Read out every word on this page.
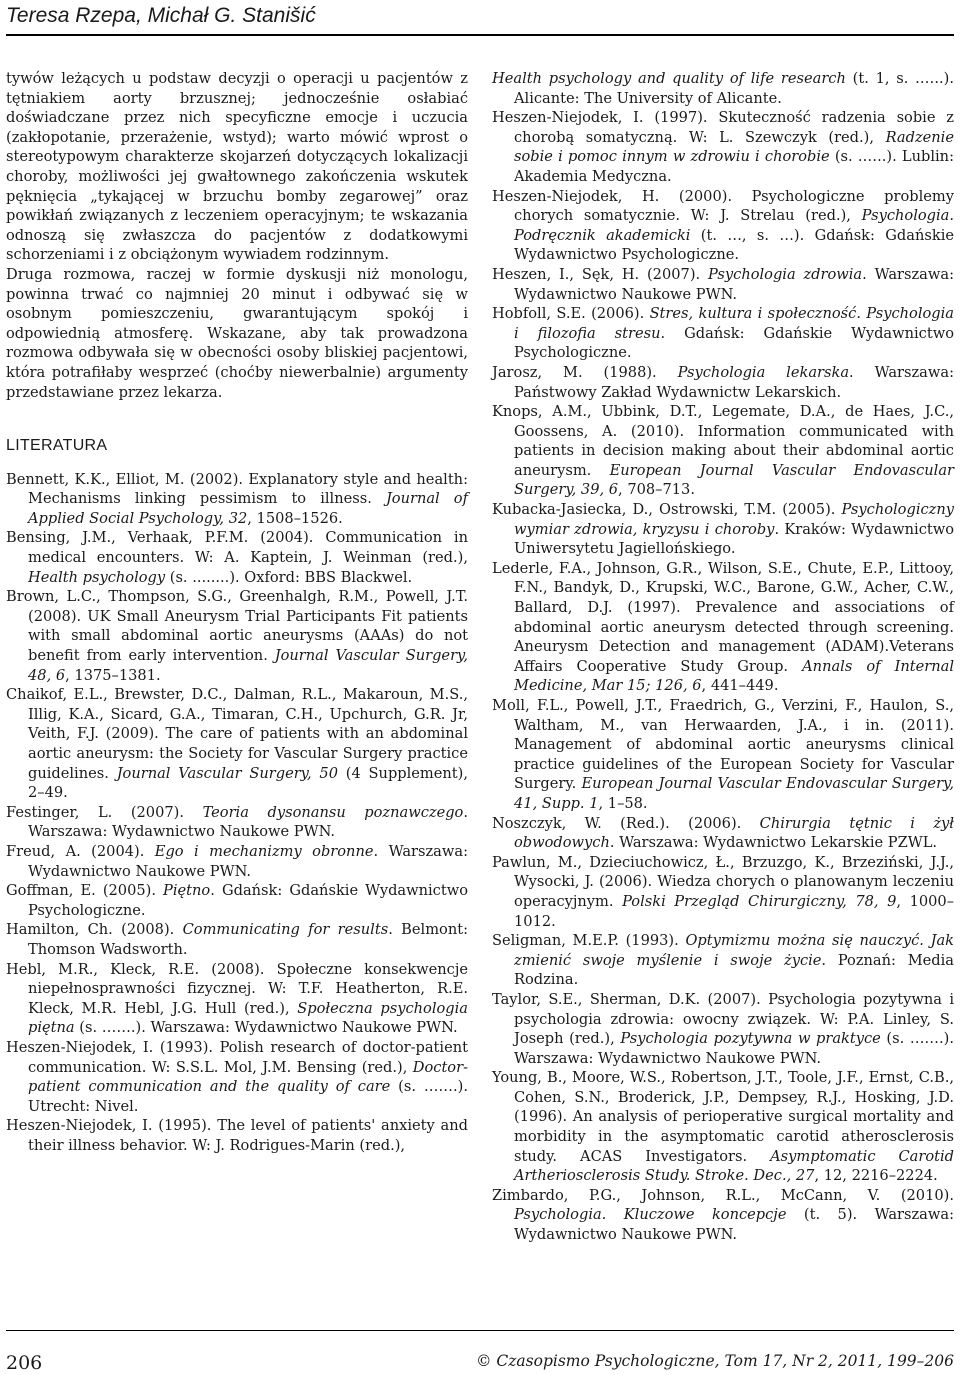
Teresa Rzepa, Michał G. Stanišić

tywów leżących u podstaw decyzji o operacji u pacjentów z tętniakiem aorty brzusznej; jednocześnie osłabiać doświadczane przez nich specyficzne emocje i uczucia (zakłopotanie, przerażenie, wstyd); warto mówić wprost o stereotypowym charakterze skojarzeń dotyczących lokalizacji choroby, możliwości jej gwałtownego zakończenia wskutek pęknięcia „tykającej w brzuchu bomby zegarowej” oraz powikłań związanych z leczeniem operacyjnym; te wskazania odnoszą się zwłaszcza do pacjentów z dodatkowymi schorzeniami i z obciążonym wywiadem rodzinnym.

Druga rozmowa, raczej w formie dyskusji niż monologu, powinna trwać co najmniej 20 minut i odbywać się w osobnym pomieszczeniu, gwarantującym spokój i odpowiednią atmosferę. Wskazane, aby tak prowadzona rozmowa odbywała się w obecności osoby bliskiej pacjentowi, która potrafiłaby wesprzeć (choćby niewerbalnie) argumenty przedstawiane przez lekarza.

LITERATURA
Bennett, K.K., Elliot, M. (2002). Explanatory style and health: Mechanisms linking pessimism to illness. Journal of Applied Social Psychology, 32, 1508–1526.
Bensing, J.M., Verhaak, P.F.M. (2004). Communication in medical encounters. W: A. Kaptein, J. Weinman (red.), Health psychology (s. ........). Oxford: BBS Blackwel.
Brown, L.C., Thompson, S.G., Greenhalgh, R.M., Powell, J.T. (2008). UK Small Aneurysm Trial Participants Fit patients with small abdominal aortic aneurysms (AAAs) do not benefit from early intervention. Journal Vascular Surgery, 48, 6, 1375–1381.
Chaikof, E.L., Brewster, D.C., Dalman, R.L., Makaroun, M.S., Illig, K.A., Sicard, G.A., Timaran, C.H., Upchurch, G.R. Jr, Veith, F.J. (2009). The care of patients with an abdominal aortic aneurysm: the Society for Vascular Surgery practice guidelines. Journal Vascular Surgery, 50 (4 Supplement), 2–49.
Festinger, L. (2007). Teoria dysonansu poznawczego. Warszawa: Wydawnictwo Naukowe PWN.
Freud, A. (2004). Ego i mechanizmy obronne. Warszawa: Wydawnictwo Naukowe PWN.
Goffman, E. (2005). Piętno. Gdańsk: Gdańskie Wydawnictwo Psychologiczne.
Hamilton, Ch. (2008). Communicating for results. Belmont: Thomson Wadsworth.
Hebl, M.R., Kleck, R.E. (2008). Społeczne konsekwencje niepełnosprawności fizycznej. W: T.F. Heatherton, R.E. Kleck, M.R. Hebl, J.G. Hull (red.), Społeczna psychologia piętna (s. …….). Warszawa: Wydawnictwo Naukowe PWN.
Heszen-Niejodek, I. (1993). Polish research of doctor-patient communication. W: S.S.L. Mol, J.M. Bensing (red.), Doctor-patient communication and the quality of care (s. …….). Utrecht: Nivel.
Heszen-Niejodek, I. (1995). The level of patients' anxiety and their illness behavior. W: J. Rodrigues-Marin (red.),
Health psychology and quality of life research (t. 1, s. .…..). Alicante: The University of Alicante.
Heszen-Niejodek, I. (1997). Skuteczność radzenia sobie z chorobą somatyczną. W: L. Szewczyk (red.), Radzenie sobie i pomoc innym w zdrowiu i chorobie (s. .…..). Lublin: Akademia Medyczna.
Heszen-Niejodek, H. (2000). Psychologiczne problemy chorych somatycznie. W: J. Strelau (red.), Psychologia. Podręcznik akademicki (t. …, s. …). Gdańsk: Gdańskie Wydawnictwo Psychologiczne.
Heszen, I., Sęk, H. (2007). Psychologia zdrowia. Warszawa: Wydawnictwo Naukowe PWN.
Hobfoll, S.E. (2006). Stres, kultura i społeczność. Psychologia i filozofia stresu. Gdańsk: Gdańskie Wydawnictwo Psychologiczne.
Jarosz, M. (1988). Psychologia lekarska. Warszawa: Państwowy Zakład Wydawnictw Lekarskich.
Knops, A.M., Ubbink, D.T., Legemate, D.A., de Haes, J.C., Goossens, A. (2010). Information communicated with patients in decision making about their abdominal aortic aneurysm. European Journal Vascular Endovascular Surgery, 39, 6, 708–713.
Kubacka-Jasiecka, D., Ostrowski, T.M. (2005). Psychologiczny wymiar zdrowia, kryzysu i choroby. Kraków: Wydawnictwo Uniwersytetu Jagiellońskiego.
Lederle, F.A., Johnson, G.R., Wilson, S.E., Chute, E.P., Littooy, F.N., Bandyk, D., Krupski, W.C., Barone, G.W., Acher, C.W., Ballard, D.J. (1997). Prevalence and associations of abdominal aortic aneurysm detected through screening. Aneurysm Detection and management (ADAM).Veterans Affairs Cooperative Study Group. Annals of Internal Medicine, Mar 15; 126, 6, 441–449.
Moll, F.L., Powell, J.T., Fraedrich, G., Verzini, F., Haulon, S., Waltham, M., van Herwaarden, J.A., i in. (2011). Management of abdominal aortic aneurysms clinical practice guidelines of the European Society for Vascular Surgery. European Journal Vascular Endovascular Surgery, 41, Supp. 1, 1–58.
Noszczyk, W. (Red.). (2006). Chirurgia tętnic i żył obwodowych. Warszawa: Wydawnictwo Lekarskie PZWL.
Pawlun, M., Dzieciuchowicz, Ł., Brzuzgo, K., Brzeziński, J.J., Wysocki, J. (2006). Wiedza chorych o planowanym leczeniu operacyjnym. Polski Przegląd Chirurgiczny, 78, 9, 1000–1012.
Seligman, M.E.P. (1993). Optymizmu można się nauczyć. Jak zmienić swoje myślenie i swoje życie. Poznań: Media Rodzina.
Taylor, S.E., Sherman, D.K. (2007). Psychologia pozytywna i psychologia zdrowia: owocny związek. W: P.A. Linley, S. Joseph (red.), Psychologia pozytywna w praktyce (s. …….). Warszawa: Wydawnictwo Naukowe PWN.
Young, B., Moore, W.S., Robertson, J.T., Toole, J.F., Ernst, C.B., Cohen, S.N., Broderick, J.P., Dempsey, R.J., Hosking, J.D. (1996). An analysis of perioperative surgical mortality and morbidity in the asymptomatic carotid atherosclerosis study. ACAS Investigators. Asymptomatic Carotid Artheriosclerosis Study. Stroke. Dec., 27, 12, 2216–2224.
Zimbardo, P.G., Johnson, R.L., McCann, V. (2010). Psychologia. Kluczowe koncepcje (t. 5). Warszawa: Wydawnictwo Naukowe PWN.
206	© Czasopismo Psychologiczne, Tom 17, Nr 2, 2011, 199–206
